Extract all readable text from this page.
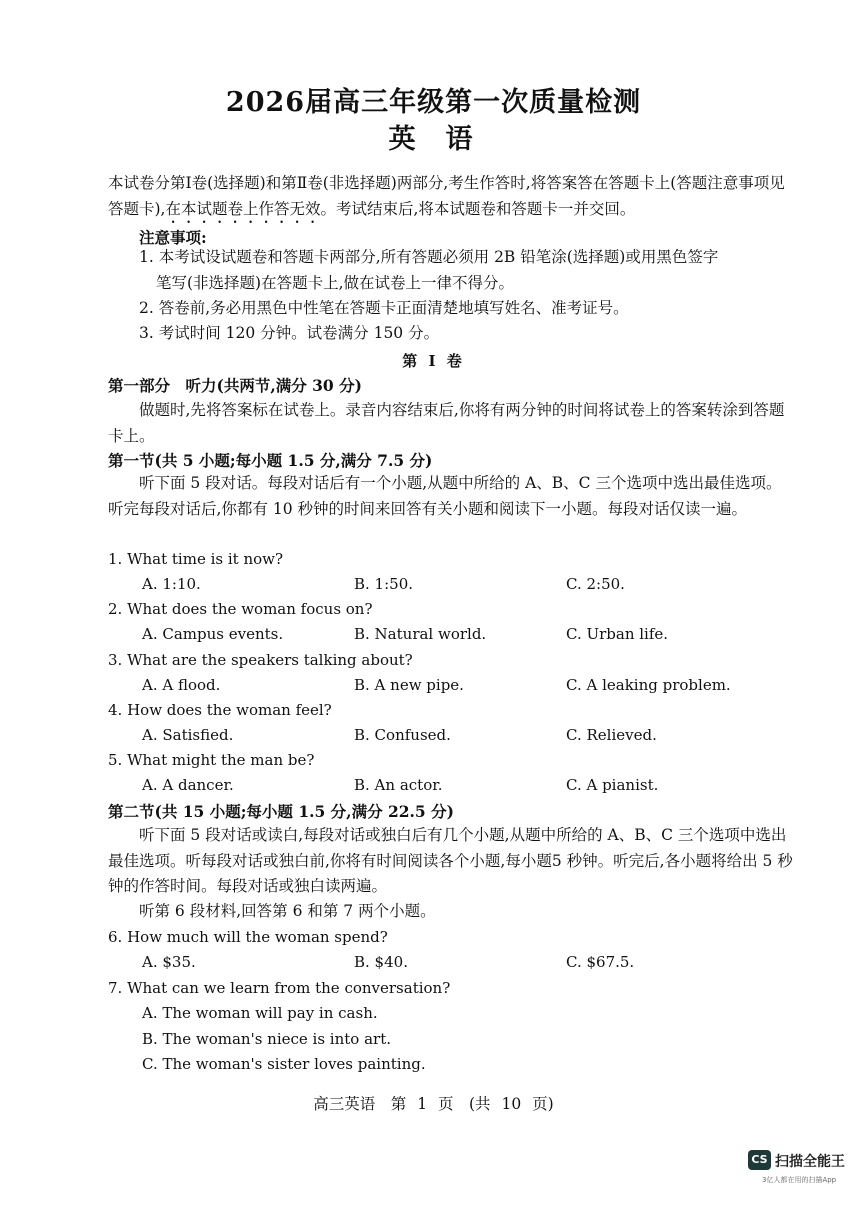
2026届高三年级第一次质量检测
英语
本试卷分第Ⅰ卷(选择题)和第Ⅱ卷(非选择题)两部分,考生作答时,将答案答在答题卡上(答题注意事项见答题卡),在本试题卷上作答无效。考试结束后,将本试题卷和答题卡一并交回。
注意事项:
1. 本考试设试题卷和答题卡两部分,所有答题必须用 2B 铅笔涂(选择题)或用黑色签字
笔写(非选择题)在答题卡上,做在试卷上一律不得分。
2. 答卷前,务必用黑色中性笔在答题卡正面清楚地填写姓名、准考证号。
3. 考试时间 120 分钟。试卷满分 150 分。
第 I 卷
第一部分　听力(共两节,满分 30 分)
做题时,先将答案标在试卷上。录音内容结束后,你将有两分钟的时间将试卷上的答案转涂到答题卡上。
第一节(共 5 小题;每小题 1.5 分,满分 7.5 分)
听下面 5 段对话。每段对话后有一个小题,从题中所给的 A、B、C 三个选项中选出最佳选项。听完每段对话后,你都有 10 秒钟的时间来回答有关小题和阅读下一小题。每段对话仅读一遍。
1. What time is it now?
A. 1:10.	B. 1:50.	C. 2:50.
2. What does the woman focus on?
A. Campus events.	B. Natural world.	C. Urban life.
3. What are the speakers talking about?
A. A flood.	B. A new pipe.	C. A leaking problem.
4. How does the woman feel?
A. Satisfied.	B. Confused.	C. Relieved.
5. What might the man be?
A. A dancer.	B. An actor.	C. A pianist.
第二节(共 15 小题;每小题 1.5 分,满分 22.5 分)
听下面 5 段对话或读白,每段对话或独白后有几个小题,从题中所给的 A、B、C 三个选项中选出最佳选项。听每段对话或独白前,你将有时间阅读各个小题,每小题5 秒钟。听完后,各小题将给出 5 秒钟的作答时间。每段对话或独白读两遍。
听第 6 段材料,回答第 6 和第 7 两个小题。
6. How much will the woman spend?
A. $35.	B. $40.	C. $67.5.
7. What can we learn from the conversation?
A. The woman will pay in cash.
B. The woman's niece is into art.
C. The woman's sister loves painting.
高三英语　第 1 页　(共 10 页)
CS 扫描全能王
3亿人都在用的扫描App
